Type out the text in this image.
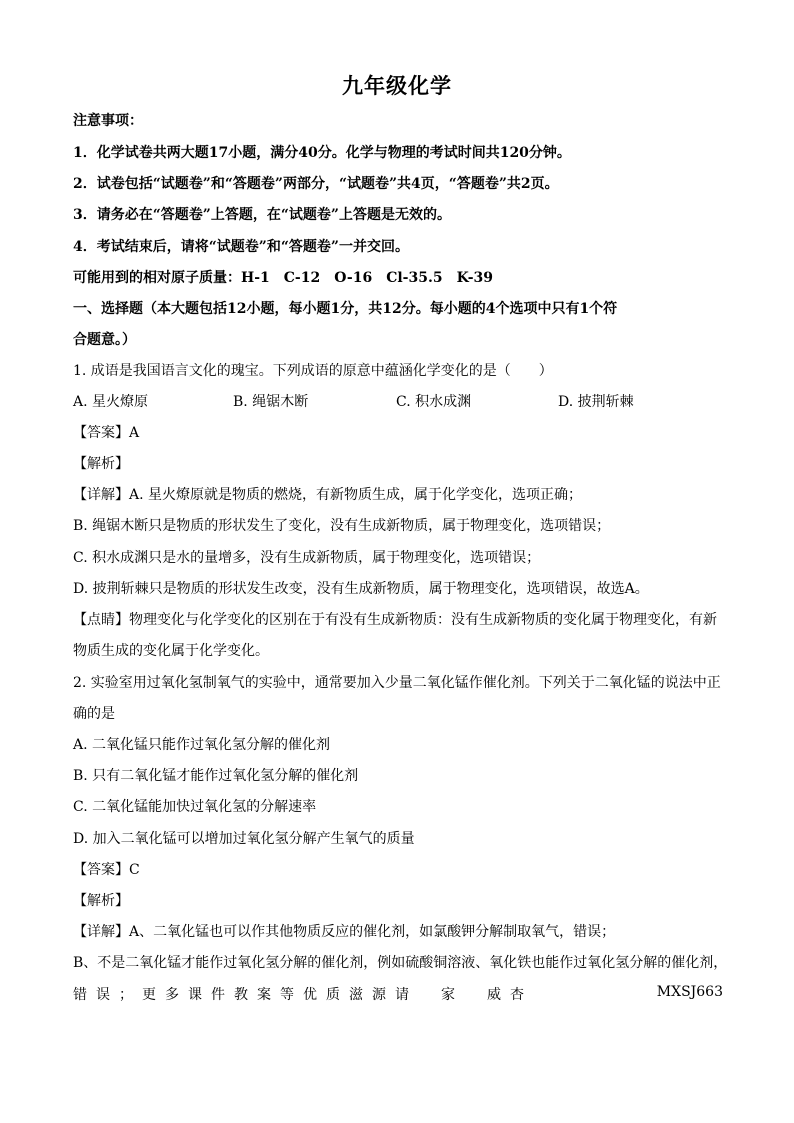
九年级化学
注意事项：
1．化学试卷共两大题17小题，满分40分。化学与物理的考试时间共120分钟。
2．试卷包括“试题卷”和“答题卷”两部分，“试题卷”共4页，“答题卷”共2页。
3．请务必在“答题卷”上答题，在“试题卷”上答题是无效的。
4．考试结束后，请将“试题卷”和“答题卷”一并交回。
可能用到的相对原子质量：H-1　C-12　O-16　Cl-35.5　K-39
一、选择题（本大题包括12小题，每小题1分，共12分。每小题的4个选项中只有1个符
合题意。）
1. 成语是我国语言文化的瑰宝。下列成语的原意中蕴涵化学变化的是（　　）
A. 星火燎原	B. 绳锯木断	C. 积水成渊	D. 披荆斩棘
【答案】A
【解析】
【详解】A. 星火燎原就是物质的燃烧，有新物质生成，属于化学变化，选项正确；
B. 绳锯木断只是物质的形状发生了变化，没有生成新物质，属于物理变化，选项错误；
C. 积水成渊只是水的量增多，没有生成新物质，属于物理变化，选项错误；
D. 披荆斩棘只是物质的形状发生改变，没有生成新物质，属于物理变化，选项错误，故选A。
【点睛】物理变化与化学变化的区别在于有没有生成新物质：没有生成新物质的变化属于物理变化，有新
物质生成的变化属于化学变化。
2. 实验室用过氧化氢制氧气的实验中，通常要加入少量二氧化锰作催化剂。下列关于二氧化锰的说法中正
确的是
A. 二氧化锰只能作过氧化氢分解的催化剂
B. 只有二氧化锰才能作过氧化氢分解的催化剂
C. 二氧化锰能加快过氧化氢的分解速率
D. 加入二氧化锰可以增加过氧化氢分解产生氧气的质量
【答案】C
【解析】
【详解】A、二氧化锰也可以作其他物质反应的催化剂，如氯酸钾分解制取氧气，错误；
B、不是二氧化锰才能作过氧化氢分解的催化剂，例如硫酸铜溶液、氧化铁也能作过氧化氢分解的催化剂，
错误；更多课件教案等优质滋源请　家　威杏	MXSJ663
